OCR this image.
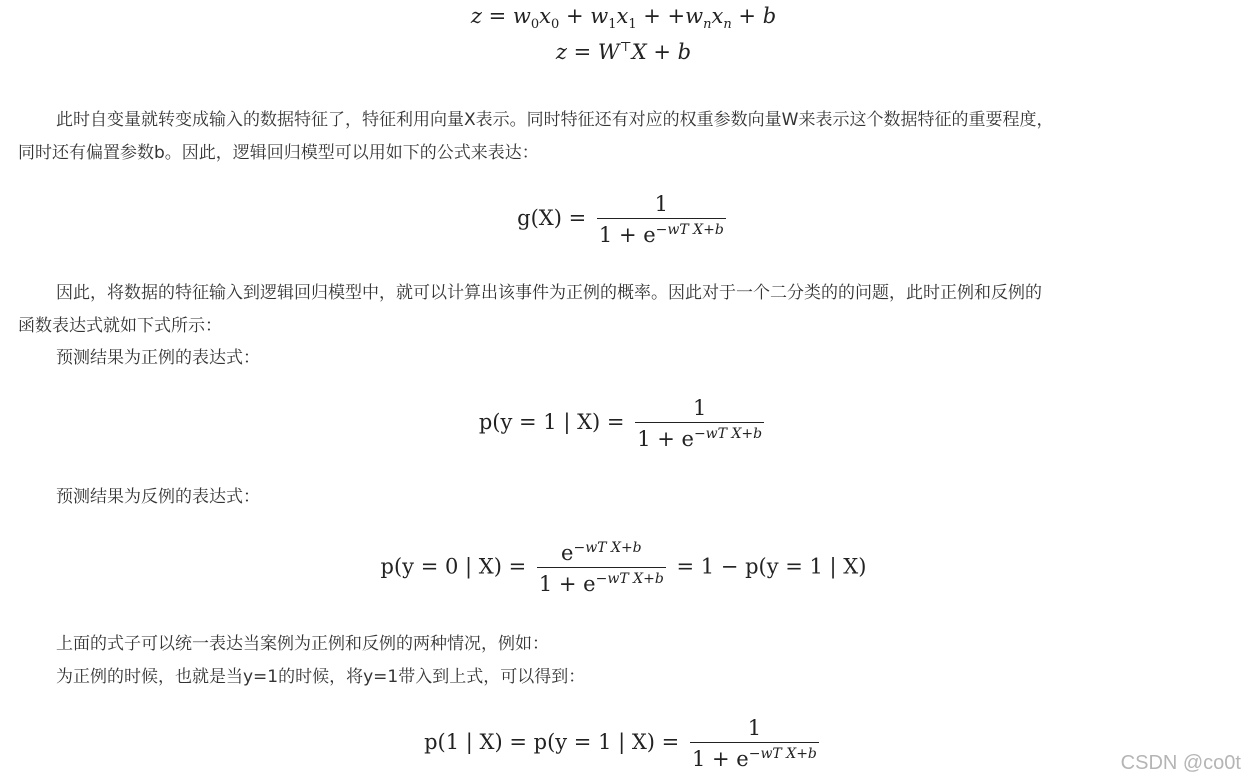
$z = w_0x_0 + w_1x_1 + +w_nx_n + b$
z = W⊤X + b

此时自变量就转变成输入的数据特征了，特征利用向量X表示。同时特征还有对应的权重参数向量W来表示这个数据特征的重要程度，

同时还有偏置参数b。因此，逻辑回归模型可以用如下的公式来表达：

$g(X) = \frac{1}{1 + e^{-wT X+b}}$

因此，将数据的特征输入到逻辑回归模型中，就可以计算出该事件为正例的概率。因此对于一个二分类的的问题，此时正例和反例的

函数表达式就如下式所示：

预测结果为正例的表达式：
p(y = 1 | $X) = \frac{1}{1 + e^{-wT X+b}}$
预测结果为反例的表达式：
p(y = 0 | $X) = \frac{e^{-wT X+b}}{1 + e^{-wT X+b}} = 1 - p(y = 1$ | X)
上面的式子可以统一表达当案例为正例和反例的两种情况，例如：
为正例的时候，也就是当y=1的时候，将y=1带入到上式，可以得到：
p(1 | X) = p(y = 1 | $X) = \frac{1}{1 + e^{-wT X+b}}$	CSDN @co0t
